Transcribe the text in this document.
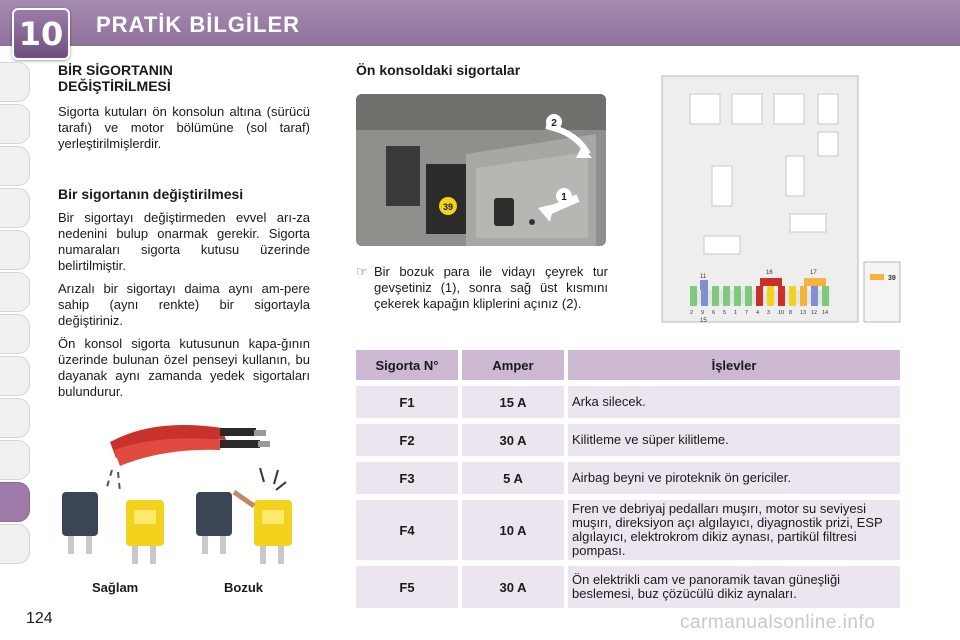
10	PRATİK BİLGİLER
BİR SİGORTANIN
DEĞİŞTİRİLMESİ

Sigorta kutuları ön konsolun altına (sürücü tarafı) ve motor bölümüne (sol taraf) yerleştirilmişlerdir.

Bir sigortanın değiştirilmesi

Bir sigortayı değiştirmeden evvel arı-za nedenini bulup onarmak gerekir. Sigorta numaraları sigorta kutusu üzerinde belirtilmiştir.

Arızalı bir sigortayı daima aynı am-pere sahip (aynı renkte) bir sigortayla değiştiriniz.

Ön konsol sigorta kutusunun kapa-ğının üzerinde bulunan özel penseyi kullanın, bu dayanak aynı zamanda yedek sigortaları bulundurur.

Sağlam	Bozuk
Ön konsoldaki sigortalar
1
2
39
☞ Bir bozuk para ile vidayı çeyrek tur gevşetiniz (1), sonra sağ üst kısmını çekerek kapağın kliplerini açınız (2).
39
11
16	17
15
2 9 6 5 1 7 4 3 10 8 13 12 14
Sigorta N°	Amper	İşlevler
F1	15 A	Arka silecek.
F2	30 A	Kilitleme ve süper kilitleme.
F3	5 A	Airbag beyni ve piroteknik ön gericiler.
F4	10 A	Fren ve debriyaj pedalları muşırı, motor su seviyesi muşırı, direksiyon açı algılayıcı, diyagnostik prizi, ESP algılayıcı, elektrokrom dikiz aynası, partikül filtresi pompası.
F5	30 A	Ön elektrikli cam ve panoramik tavan güneşliği beslemesi, buz çözücülü dikiz aynaları.
124	carmanualsonline.info
